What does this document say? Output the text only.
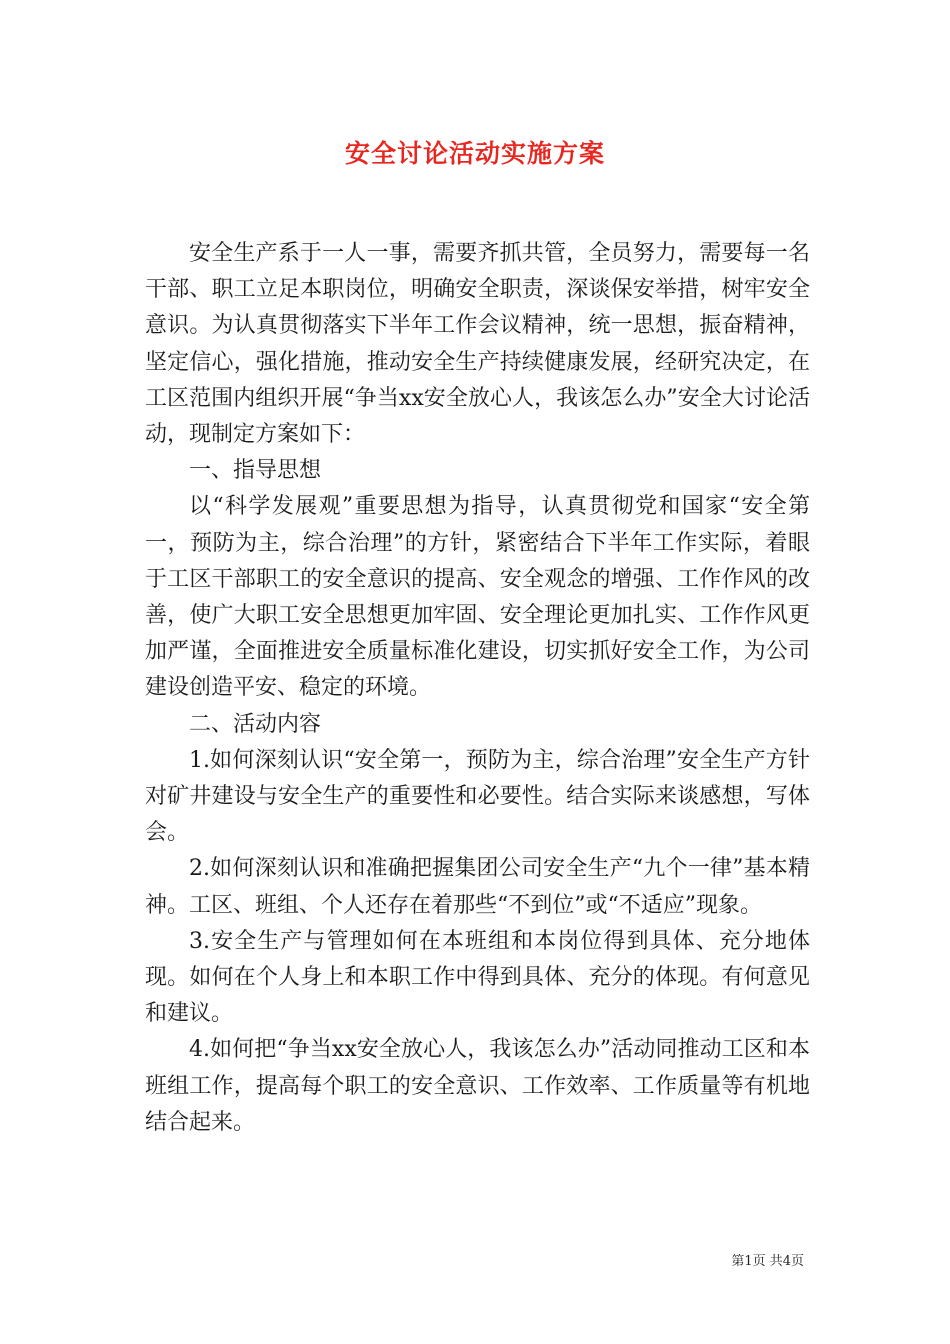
安全讨论活动实施方案

安全生产系于一人一事，需要齐抓共管，全员努力，需要每一名干部、职工立足本职岗位，明确安全职责，深谈保安举措，树牢安全意识。为认真贯彻落实下半年工作会议精神，统一思想，振奋精神，坚定信心，强化措施，推动安全生产持续健康发展，经研究决定，在工区范围内组织开展“争当xx安全放心人，我该怎么办”安全大讨论活动，现制定方案如下：

一、指导思想

以“科学发展观”重要思想为指导，认真贯彻党和国家“安全第一，预防为主，综合治理”的方针，紧密结合下半年工作实际，着眼于工区干部职工的安全意识的提高、安全观念的增强、工作作风的改善，使广大职工安全思想更加牢固、安全理论更加扎实、工作作风更加严谨，全面推进安全质量标准化建设，切实抓好安全工作，为公司建设创造平安、稳定的环境。

二、活动内容

1.如何深刻认识“安全第一，预防为主，综合治理”安全生产方针对矿井建设与安全生产的重要性和必要性。结合实际来谈感想，写体会。

2.如何深刻认识和准确把握集团公司安全生产“九个一律”基本精神。工区、班组、个人还存在着那些“不到位”或“不适应”现象。

3.安全生产与管理如何在本班组和本岗位得到具体、充分地体现。如何在个人身上和本职工作中得到具体、充分的体现。有何意见和建议。

4.如何把“争当xx安全放心人，我该怎么办”活动同推动工区和本班组工作，提高每个职工的安全意识、工作效率、工作质量等有机地结合起来。

第1页 共4页
